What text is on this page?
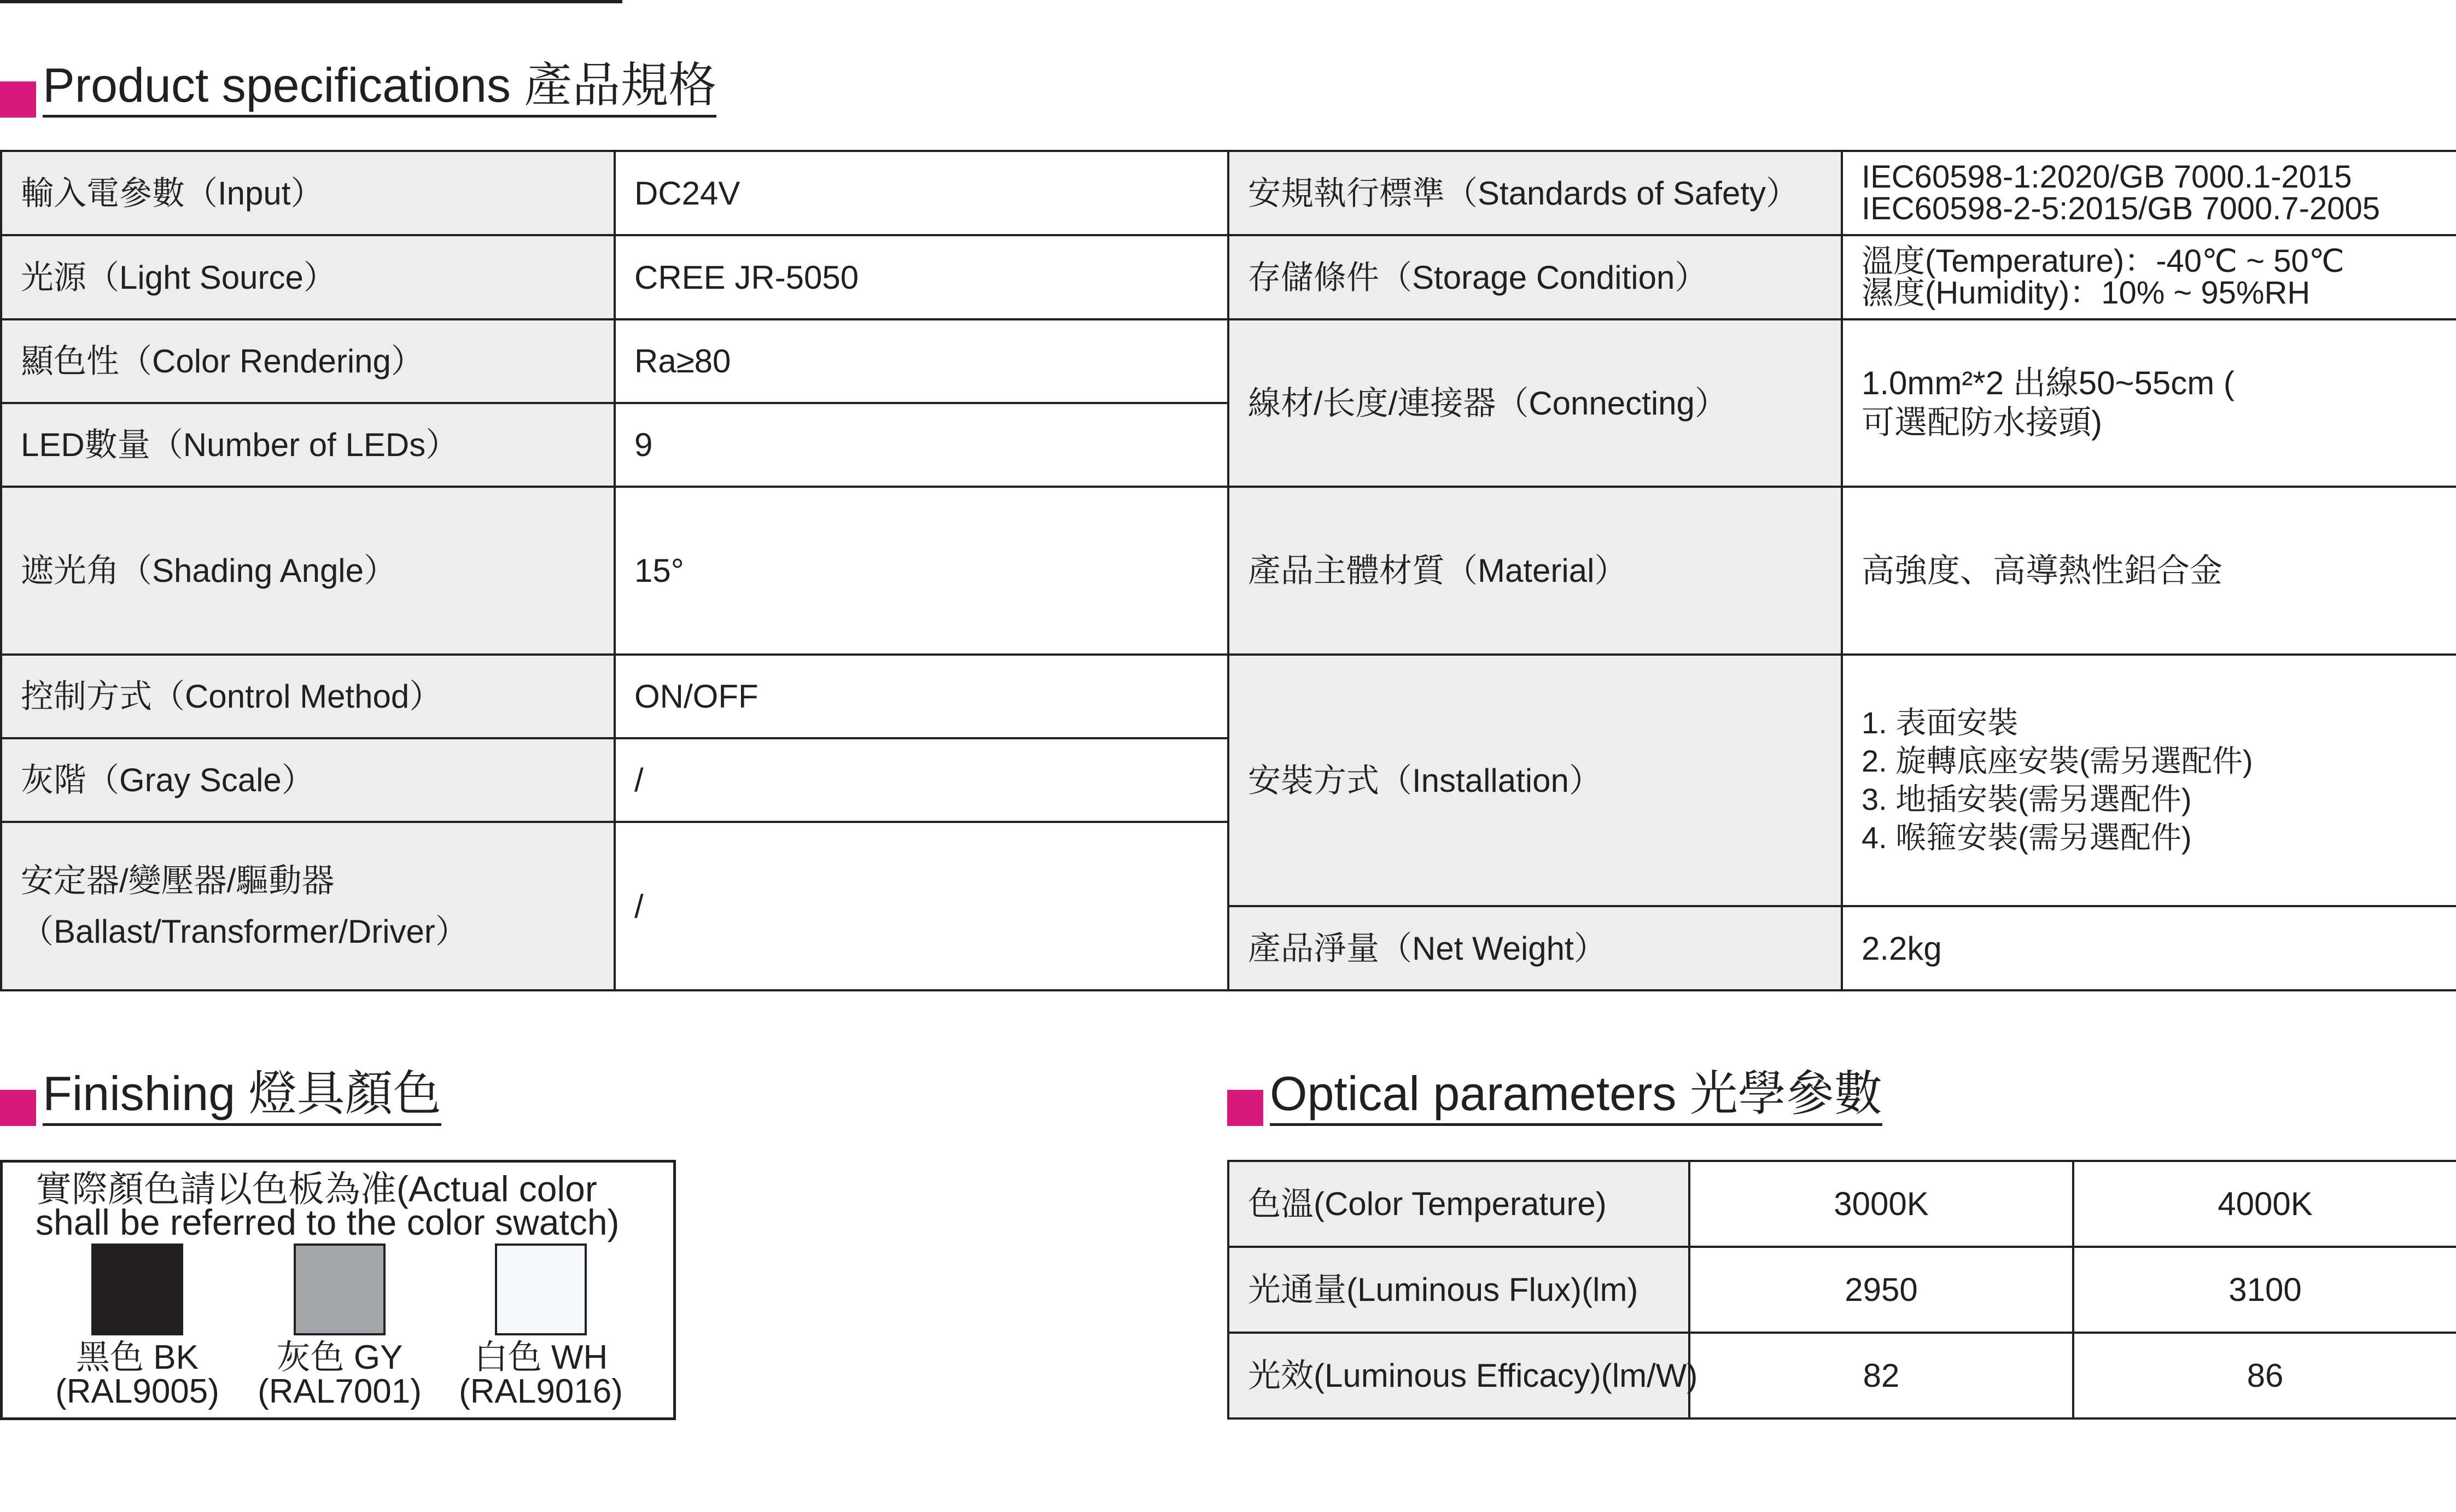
Product specifications 產品規格
輸入電參數（Input）	DC24V	安規執行標準（Standards of Safety）	IEC60598-1:2020/GB 7000.1-2015
IEC60598-2-5:2015/GB 7000.7-2005

光源（Light Source）	CREE JR-5050	存儲條件（Storage Condition）	溫度(Temperature)：-40℃ ~ 50℃
濕度(Humidity)：10% ~ 95%RH

顯色性（Color Rendering）	Ra≥80	線材/长度/連接器（Connecting）	1.0mm²*2 出線50~55cm (
可選配防水接頭)

LED數量（Number of LEDs）	9		
遮光角（Shading Angle）	15°	產品主體材質（Material）	高強度、高導熱性鋁合金
控制方式（Control Method）	ON/OFF	安裝方式（Installation）	1. 表面安裝
2. 旋轉底座安裝(需另選配件)
3. 地插安裝(需另選配件)
4. 喉箍安裝(需另選配件)

灰階（Gray Scale）	/		

安定器/變壓器/驅動器
（Ballast/Transformer/Driver）	/		
		產品淨量（Net Weight）	2.2kg
Finishing 燈具顏色
實際顏色請以色板為准(Actual color shall be referred to the color swatch)
黑色 BK
(RAL9005)
灰色 GY
(RAL7001)
白色 WH
(RAL9016)
Optical parameters 光學參數
色溫(Color Temperature)	3000K	4000K
光通量(Luminous Flux)(lm)	2950	3100
光效(Luminous Efficacy)(lm/W)	82	86
